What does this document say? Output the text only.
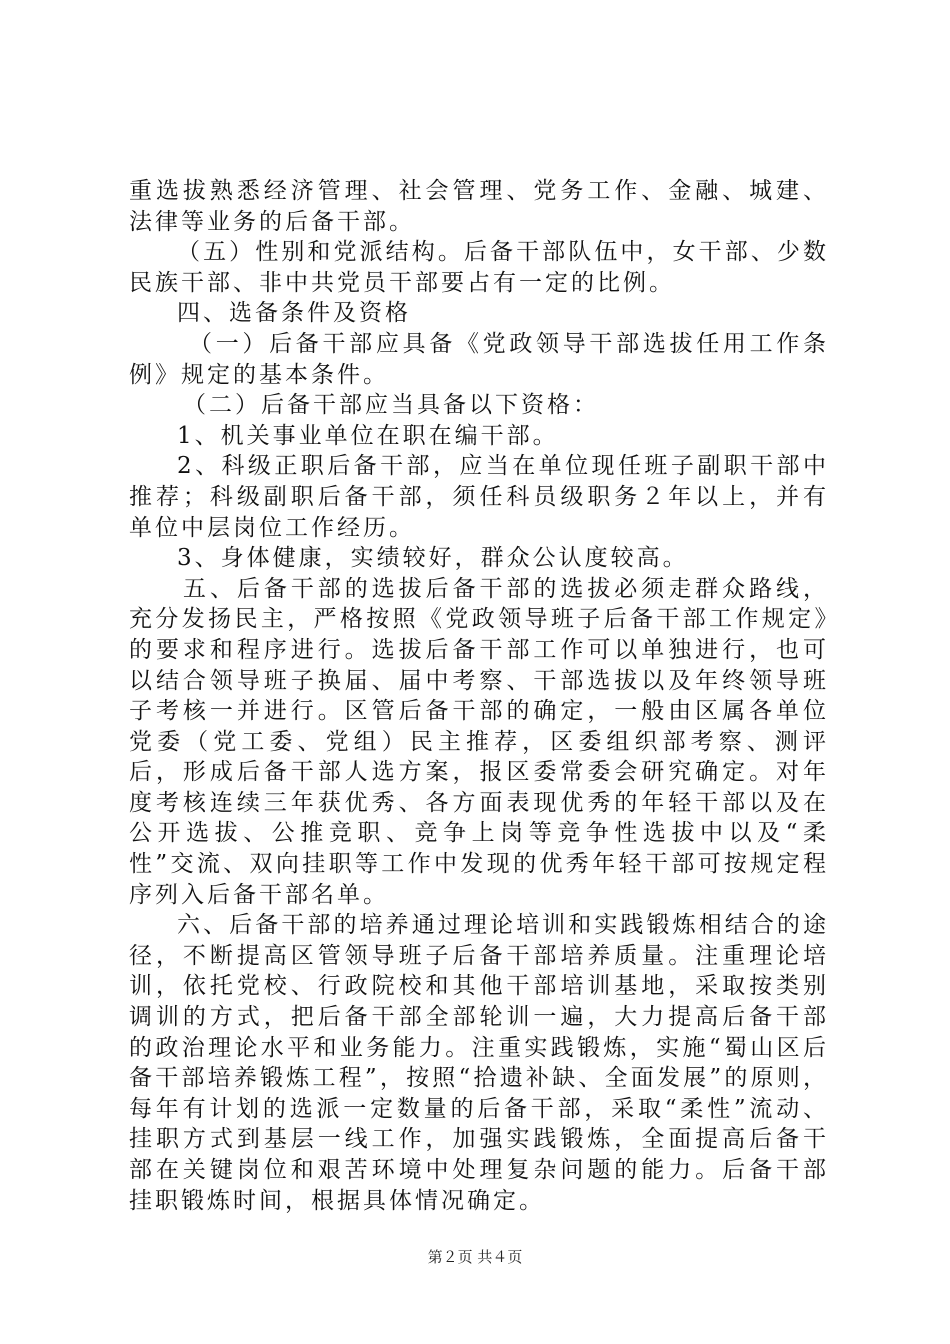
重选拔熟悉经济管理、社会管理、党务工作、金融、城建、法律等业务的后备干部。

（五）性别和党派结构。后备干部队伍中，女干部、少数民族干部、非中共党员干部要占有一定的比例。

四、选备条件及资格

（一）后备干部应具备《党政领导干部选拔任用工作条例》规定的基本条件。

（二）后备干部应当具备以下资格：

1、机关事业单位在职在编干部。

2、科级正职后备干部，应当在单位现任班子副职干部中推荐；科级副职后备干部，须任科员级职务２年以上，并有单位中层岗位工作经历。

3、身体健康，实绩较好，群众公认度较高。

五、后备干部的选拔后备干部的选拔必须走群众路线，充分发扬民主，严格按照《党政领导班子后备干部工作规定》的要求和程序进行。选拔后备干部工作可以单独进行，也可以结合领导班子换届、届中考察、干部选拔以及年终领导班子考核一并进行。区管后备干部的确定，一般由区属各单位党委（党工委、党组）民主推荐，区委组织部考察、测评后，形成后备干部人选方案，报区委常委会研究确定。对年度考核连续三年获优秀、各方面表现优秀的年轻干部以及在公开选拔、公推竞职、竞争上岗等竞争性选拔中以及“柔性”交流、双向挂职等工作中发现的优秀年轻干部可按规定程序列入后备干部名单。

六、后备干部的培养通过理论培训和实践锻炼相结合的途径，不断提高区管领导班子后备干部培养质量。注重理论培训，依托党校、行政院校和其他干部培训基地，采取按类别调训的方式，把后备干部全部轮训一遍，大力提高后备干部的政治理论水平和业务能力。注重实践锻炼，实施“蜀山区后备干部培养锻炼工程”，按照“拾遗补缺、全面发展”的原则，每年有计划的选派一定数量的后备干部，采取“柔性”流动、挂职方式到基层一线工作，加强实践锻炼，全面提高后备干部在关键岗位和艰苦环境中处理复杂问题的能力。后备干部挂职锻炼时间，根据具体情况确定。

第２页 共４页
